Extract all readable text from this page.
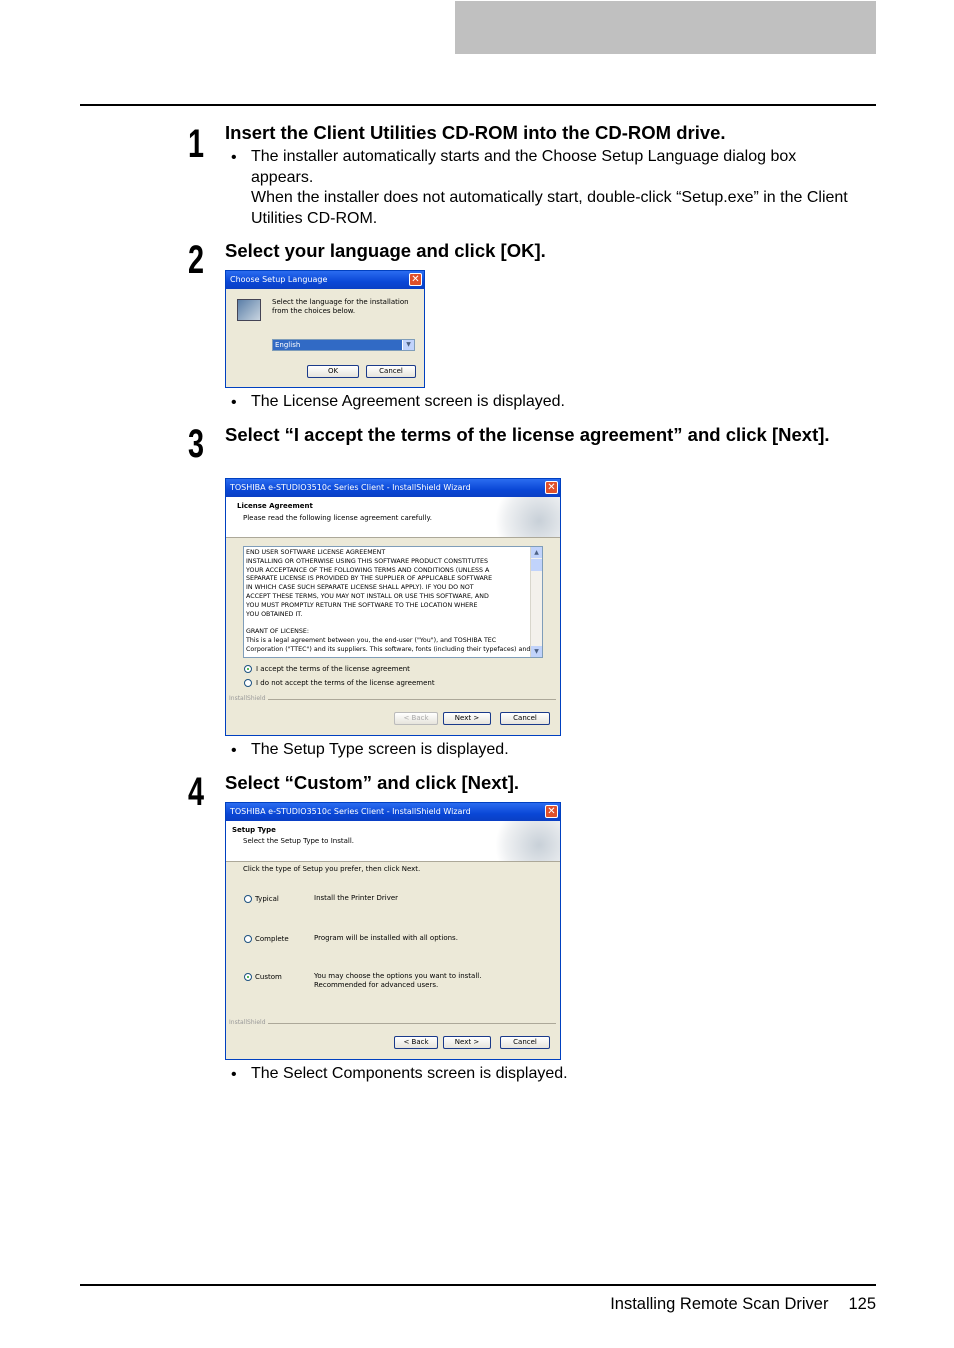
1 Insert the Client Utilities CD-ROM into the CD-ROM drive.
• The installer automatically starts and the Choose Setup Language dialog box appears.
When the installer does not automatically start, double-click “Setup.exe” in the Client Utilities CD-ROM.
2 Select your language and click [OK].
Choose Setup Language	✕
Select the language for the installation from the choices below.
English	▼
OK	Cancel
• The License Agreement screen is displayed.
3 Select “I accept the terms of the license agreement” and click [Next].
TOSHIBA e-STUDIO3510c Series Client - InstallShield Wizard	✕
License Agreement
Please read the following license agreement carefully.
END USER SOFTWARE LICENSE AGREEMENT
INSTALLING OR OTHERWISE USING THIS SOFTWARE PRODUCT CONSTITUTES
YOUR ACCEPTANCE OF THE FOLLOWING TERMS AND CONDITIONS (UNLESS A
SEPARATE LICENSE IS PROVIDED BY THE SUPPLIER OF APPLICABLE SOFTWARE
IN WHICH CASE SUCH SEPARATE LICENSE SHALL APPLY). IF YOU DO NOT
ACCEPT THESE TERMS, YOU MAY NOT INSTALL OR USE THIS SOFTWARE, AND
YOU MUST PROMPTLY RETURN THE SOFTWARE TO THE LOCATION WHERE
YOU OBTAINED IT.

GRANT OF LICENSE:
This is a legal agreement between you, the end-user ("You"), and TOSHIBA TEC
Corporation ("TTEC") and its suppliers. This software, fonts (including their typefaces) and
▲
▼
I accept the terms of the license agreement
I do not accept the terms of the license agreement
InstallShield
< Back	Next >	Cancel
• The Setup Type screen is displayed.
4 Select “Custom” and click [Next].
TOSHIBA e-STUDIO3510c Series Client - InstallShield Wizard	✕
Setup Type
Select the Setup Type to Install.
Click the type of Setup you prefer, then click Next.
Typical	Install the Printer Driver
Complete	Program will be installed with all options.
Custom	You may choose the options you want to install. Recommended for advanced users.
InstallShield
< Back	Next >	Cancel
• The Select Components screen is displayed.
Installing Remote Scan Driver 125
